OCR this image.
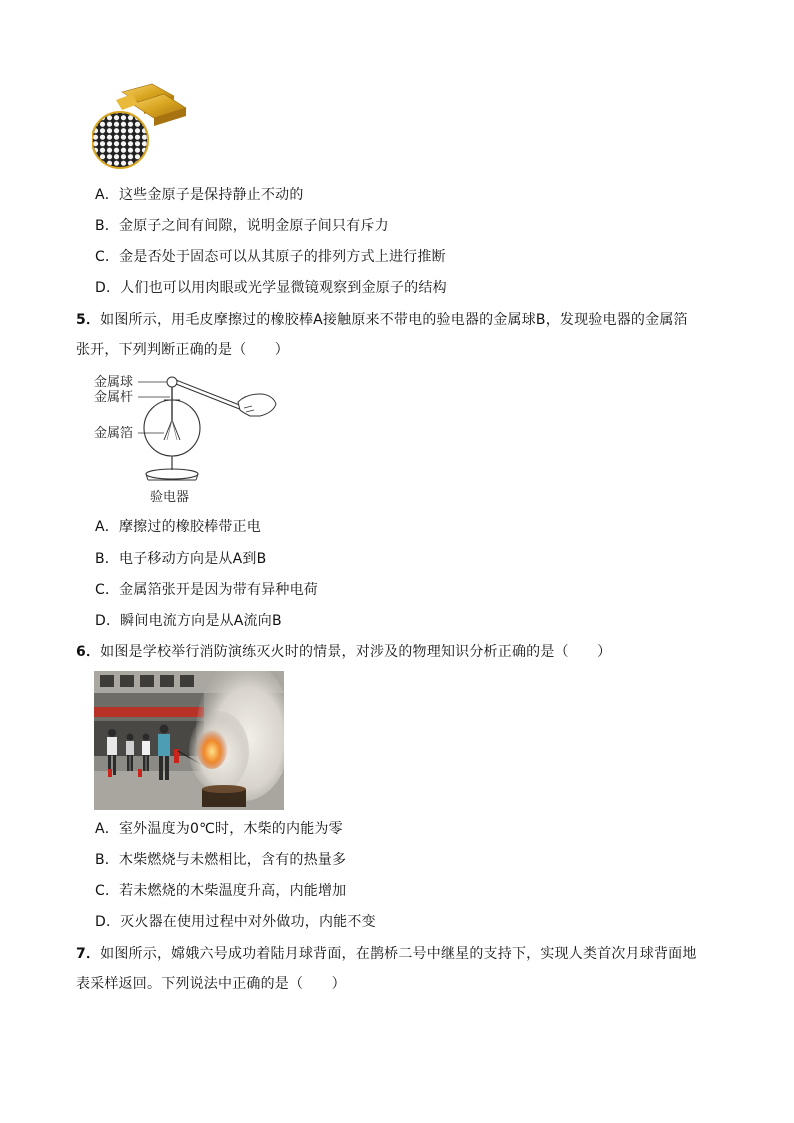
A．这些金原子是保持静止不动的
B．金原子之间有间隙，说明金原子间只有斥力
C．金是否处于固态可以从其原子的排列方式上进行推断
D．人们也可以用肉眼或光学显微镜观察到金原子的结构
5．如图所示，用毛皮摩擦过的橡胶棒A接触原来不带电的验电器的金属球B，发现验电器的金属箔
张开，下列判断正确的是（　　）
金属球
金属杆
金属箔
验电器
A．摩擦过的橡胶棒带正电
B．电子移动方向是从A到B
C．金属箔张开是因为带有异种电荷
D．瞬间电流方向是从A流向B
6．如图是学校举行消防演练灭火时的情景，对涉及的物理知识分析正确的是（　　）
A．室外温度为0℃时，木柴的内能为零
B．木柴燃烧与未燃相比，含有的热量多
C．若未燃烧的木柴温度升高，内能增加
D．灭火器在使用过程中对外做功，内能不变
7．如图所示，嫦娥六号成功着陆月球背面，在鹊桥二号中继星的支持下，实现人类首次月球背面地
表采样返回。下列说法中正确的是（　　）
